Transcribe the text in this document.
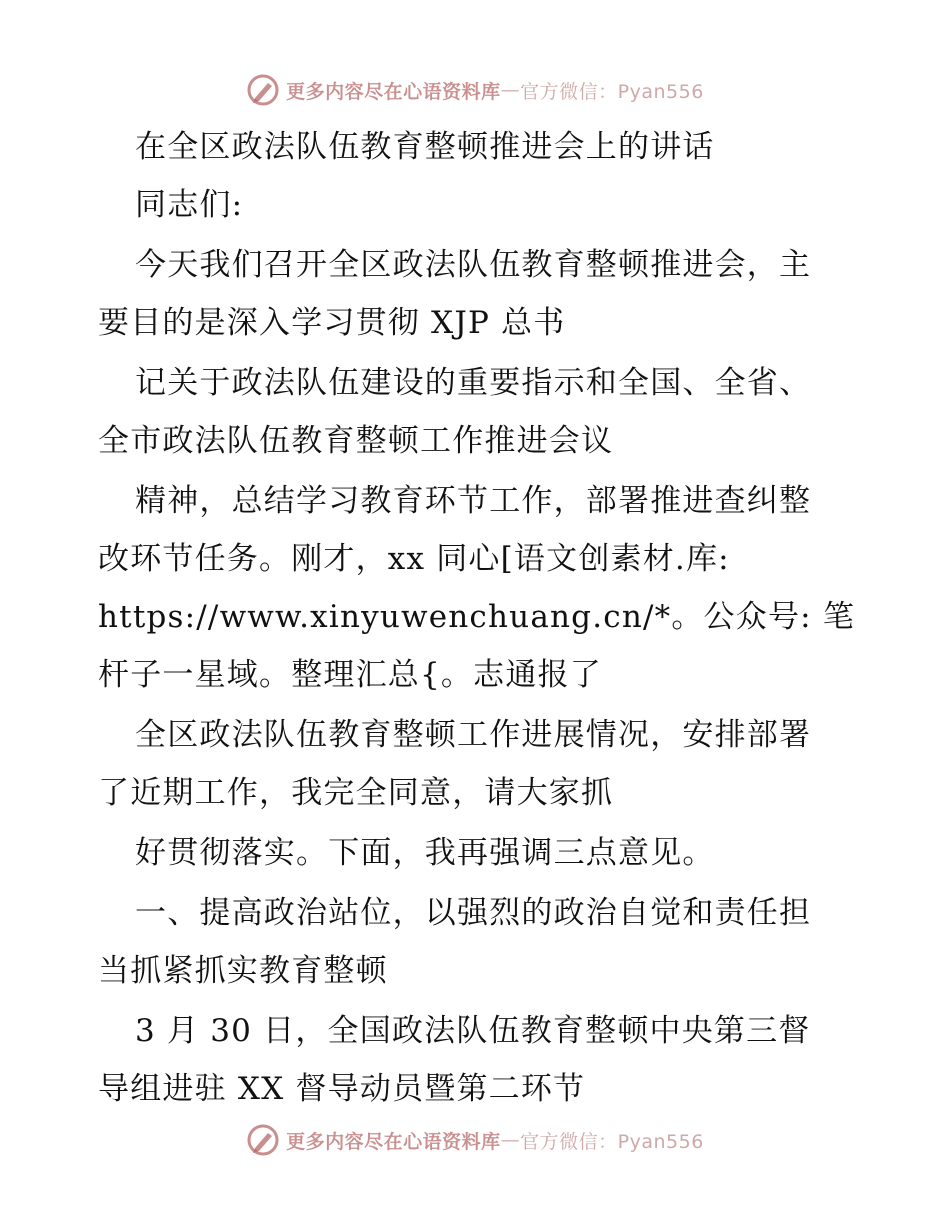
更多内容尽在心语资料库 — 官方微信：Pyan556
在全区政法队伍教育整顿推进会上的讲话
同志们:
今天我们召开全区政法队伍教育整顿推进会，主
要目的是深入学习贯彻 XJP 总书
记关于政法队伍建设的重要指示和全国、全省、
全市政法队伍教育整顿工作推进会议
精神，总结学习教育环节工作，部署推进查纠整
改环节任务。刚才，xx 同心[语文创素材.库:
https://www.xinyuwenchuang.cn/*。公众号: 笔
杆子一星域。整理汇总{。志通报了
全区政法队伍教育整顿工作进展情况，安排部署
了近期工作，我完全同意，请大家抓
好贯彻落实。下面，我再强调三点意见。
一、提高政治站位，以强烈的政治自觉和责任担
当抓紧抓实教育整顿
3 月 30 日，全国政法队伍教育整顿中央第三督
导组进驻 XX 督导动员暨第二环节
更多内容尽在心语资料库 — 官方微信：Pyan556
